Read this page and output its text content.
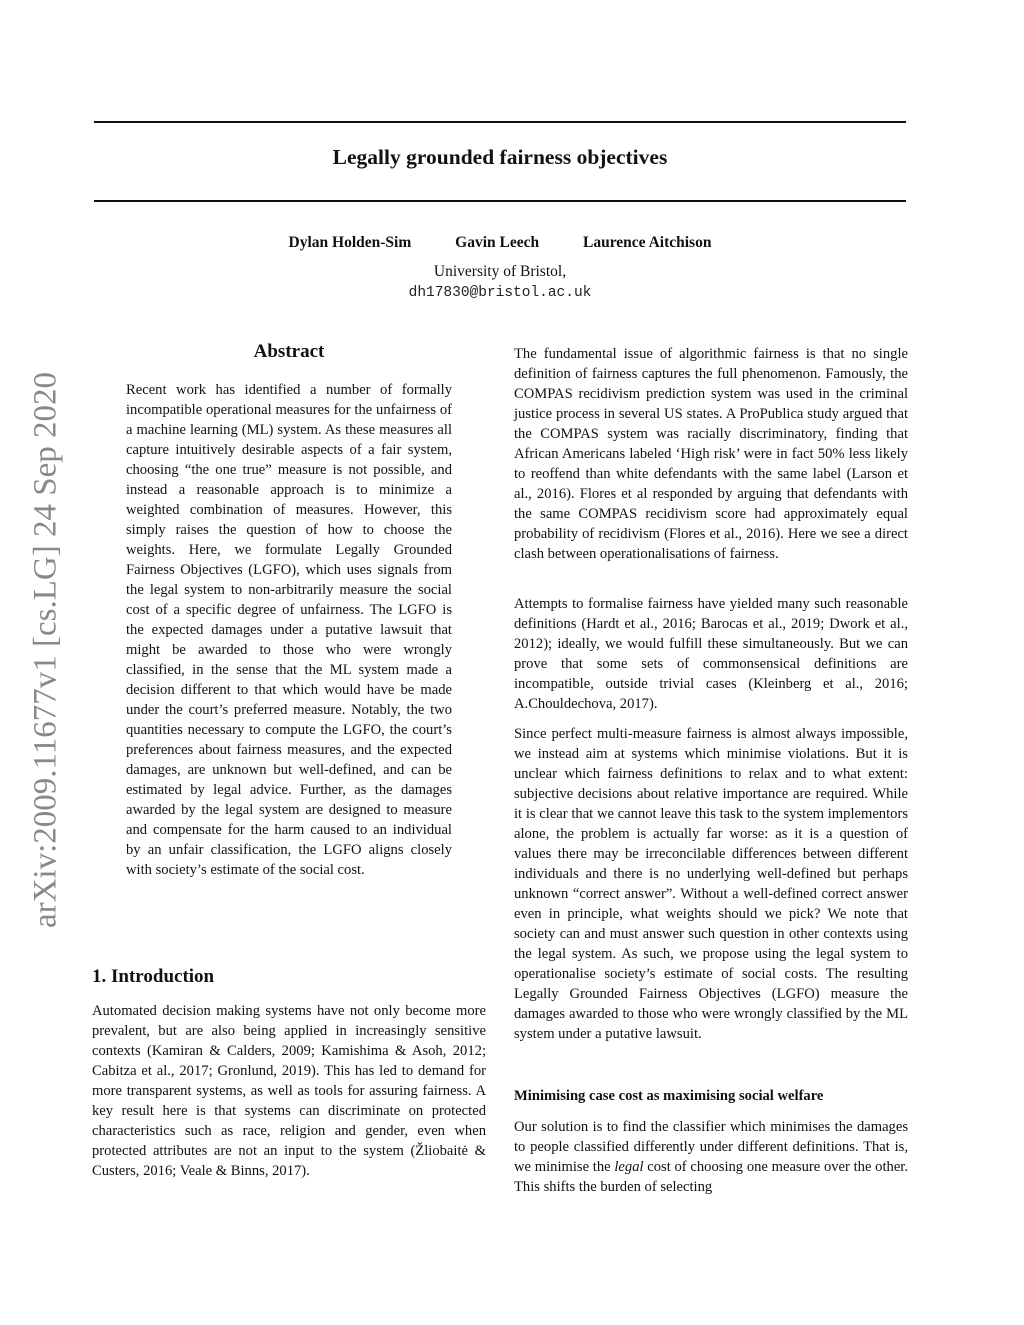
Legally grounded fairness objectives
Dylan Holden-Sim	Gavin Leech	Laurence Aitchison
University of Bristol,
dh17830@bristol.ac.uk
arXiv:2009.11677v1 [cs.LG] 24 Sep 2020
Abstract

Recent work has identified a number of formally incompatible operational measures for the unfairness of a machine learning (ML) system. As these measures all capture intuitively desirable aspects of a fair system, choosing “the one true” measure is not possible, and instead a reasonable approach is to minimize a weighted combination of measures. However, this simply raises the question of how to choose the weights. Here, we formulate Legally Grounded Fairness Objectives (LGFO), which uses signals from the legal system to non-arbitrarily measure the social cost of a specific degree of unfairness. The LGFO is the expected damages under a putative lawsuit that might be awarded to those who were wrongly classified, in the sense that the ML system made a decision different to that which would have be made under the court’s preferred measure. Notably, the two quantities necessary to compute the LGFO, the court’s preferences about fairness measures, and the expected damages, are unknown but well-defined, and can be estimated by legal advice. Further, as the damages awarded by the legal system are designed to measure and compensate for the harm caused to an individual by an unfair classification, the LGFO aligns closely with society’s estimate of the social cost.

1. Introduction

Automated decision making systems have not only become more prevalent, but are also being applied in increasingly sensitive contexts (Kamiran & Calders, 2009; Kamishima & Asoh, 2012; Cabitza et al., 2017; Gronlund, 2019). This has led to demand for more transparent systems, as well as tools for assuring fairness. A key result here is that systems can discriminate on protected characteristics such as race, religion and gender, even when protected attributes are not an input to the system (Žliobaitė & Custers, 2016; Veale & Binns, 2017).

The fundamental issue of algorithmic fairness is that no single definition of fairness captures the full phenomenon. Famously, the COMPAS recidivism prediction system was used in the criminal justice process in several US states. A ProPublica study argued that the COMPAS system was racially discriminatory, finding that African Americans labeled ‘High risk’ were in fact 50% less likely to reoffend than white defendants with the same label (Larson et al., 2016). Flores et al responded by arguing that defendants with the same COMPAS recidivism score had approximately equal probability of recidivism (Flores et al., 2016). Here we see a direct clash between operationalisations of fairness.

Attempts to formalise fairness have yielded many such reasonable definitions (Hardt et al., 2016; Barocas et al., 2019; Dwork et al., 2012); ideally, we would fulfill these simultaneously. But we can prove that some sets of commonsensical definitions are incompatible, outside trivial cases (Kleinberg et al., 2016; A.Chouldechova, 2017).

Since perfect multi-measure fairness is almost always impossible, we instead aim at systems which minimise violations. But it is unclear which fairness definitions to relax and to what extent: subjective decisions about relative importance are required. While it is clear that we cannot leave this task to the system implementors alone, the problem is actually far worse: as it is a question of values there may be irreconcilable differences between different individuals and there is no underlying well-defined but perhaps unknown “correct answer”. Without a well-defined correct answer even in principle, what weights should we pick? We note that society can and must answer such question in other contexts using the legal system. As such, we propose using the legal system to operationalise society’s estimate of social costs. The resulting Legally Grounded Fairness Objectives (LGFO) measure the damages awarded to those who were wrongly classified by the ML system under a putative lawsuit.

Minimising case cost as maximising social welfare

Our solution is to find the classifier which minimises the damages to people classified differently under different definitions. That is, we minimise the legal cost of choosing one measure over the other. This shifts the burden of selecting
